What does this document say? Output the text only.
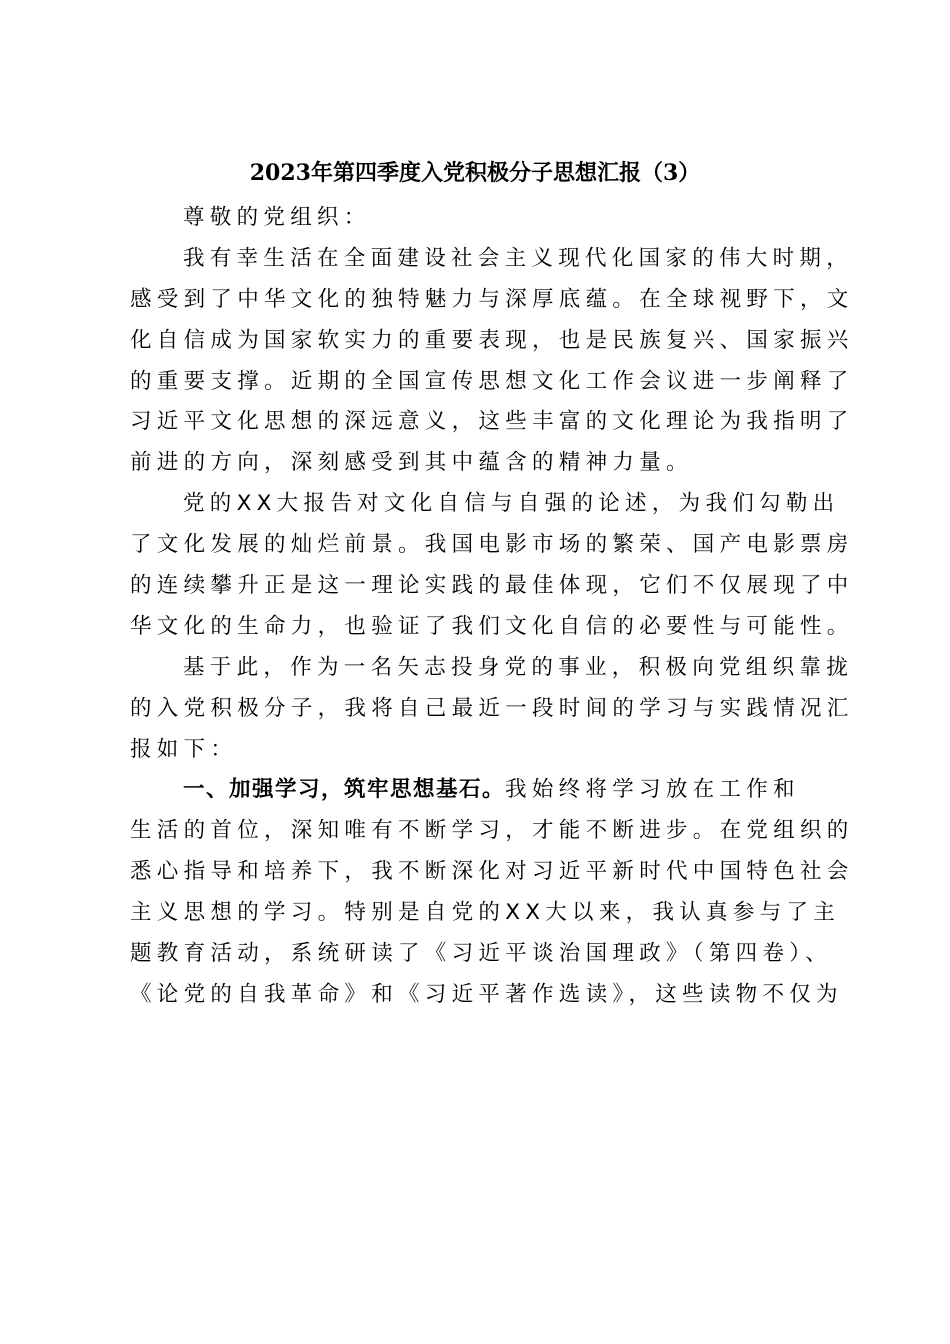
2023年第四季度入党积极分子思想汇报（3）
尊敬的党组织：
我有幸生活在全面建设社会主义现代化国家的伟大时期，
感受到了中华文化的独特魅力与深厚底蕴。在全球视野下，文
化自信成为国家软实力的重要表现，也是民族复兴、国家振兴
的重要支撑。近期的全国宣传思想文化工作会议进一步阐释了
习近平文化思想的深远意义，这些丰富的文化理论为我指明了
前进的方向，深刻感受到其中蕴含的精神力量。
党的XX大报告对文化自信与自强的论述，为我们勾勒出
了文化发展的灿烂前景。我国电影市场的繁荣、国产电影票房
的连续攀升正是这一理论实践的最佳体现，它们不仅展现了中
华文化的生命力，也验证了我们文化自信的必要性与可能性。
基于此，作为一名矢志投身党的事业，积极向党组织靠拢
的入党积极分子，我将自己最近一段时间的学习与实践情况汇
报如下：
一、加强学习，筑牢思想基石。我始终将学习放在工作和
生活的首位，深知唯有不断学习，才能不断进步。在党组织的
悉心指导和培养下，我不断深化对习近平新时代中国特色社会
主义思想的学习。特别是自党的XX大以来，我认真参与了主
题教育活动，系统研读了《习近平谈治国理政》（第四卷）、
《论党的自我革命》和《习近平著作选读》，这些读物不仅为
